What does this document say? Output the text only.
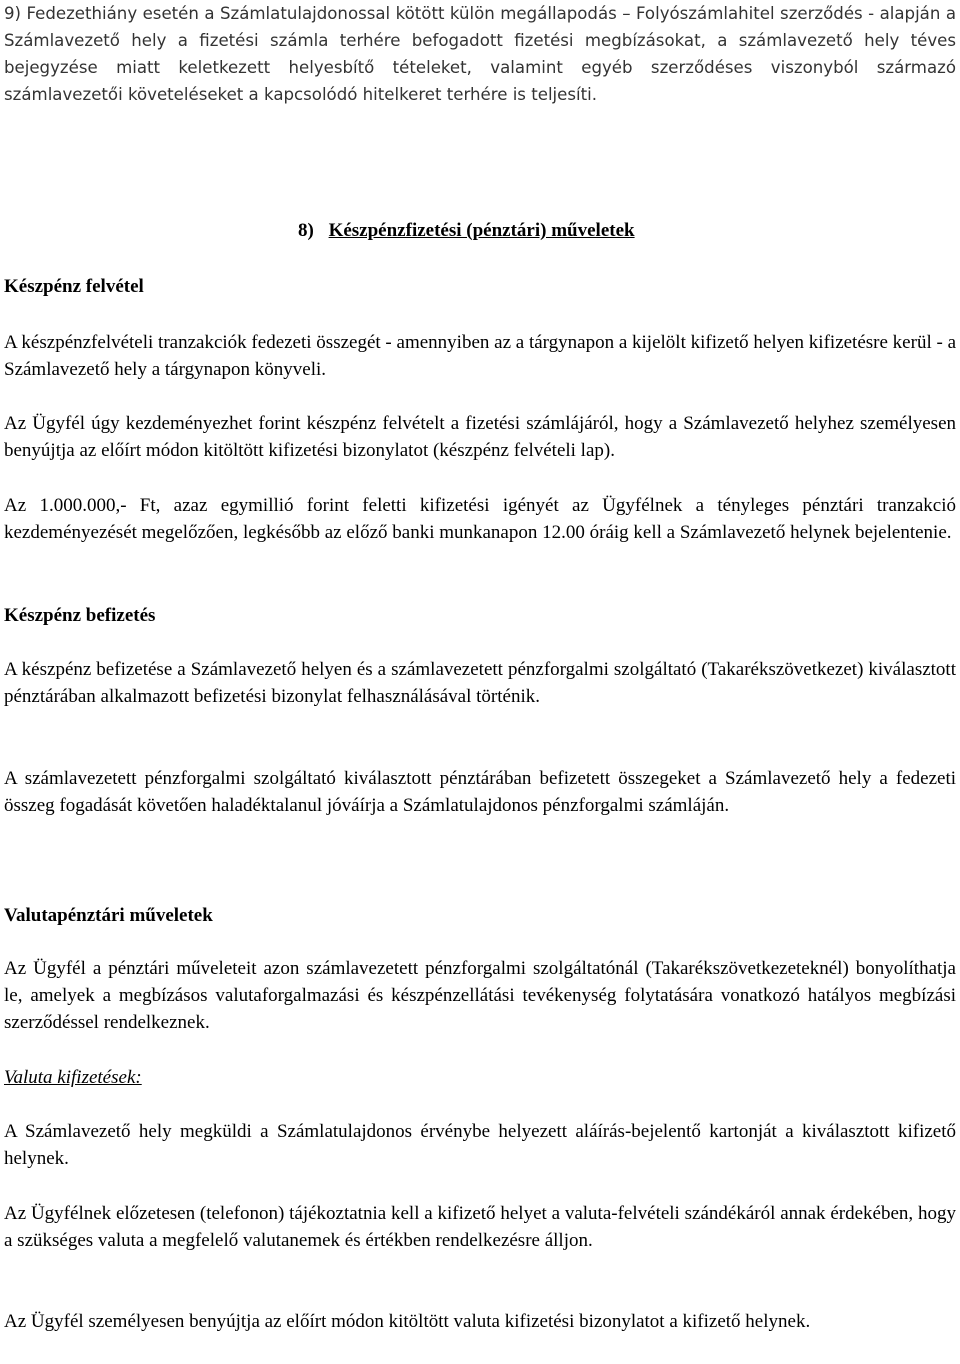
9) Fedezethiány esetén a Számlatulajdonossal kötött külön megállapodás – Folyószámlahitel szerződés - alapján a Számlavezető hely a fizetési számla terhére befogadott fizetési megbízásokat, a számlavezető hely téves bejegyzése miatt keletkezett helyesbítő tételeket, valamint egyéb szerződéses viszonyból származó számlavezetői követeléseket a kapcsolódó hitelkeret terhére is teljesíti.
8) Készpénzfizetési (pénztári) műveletek
Készpénz felvétel
A készpénzfelvételi tranzakciók fedezeti összegét - amennyiben az a tárgynapon a kijelölt kifizető helyen kifizetésre kerül - a Számlavezető hely a tárgynapon könyveli.
Az Ügyfél úgy kezdeményezhet forint készpénz felvételt a fizetési számlájáról, hogy a Számlavezető helyhez személyesen benyújtja az előírt módon kitöltött kifizetési bizonylatot (készpénz felvételi lap).
Az 1.000.000,- Ft, azaz egymillió forint feletti kifizetési igényét az Ügyfélnek a tényleges pénztári tranzakció kezdeményezését megelőzően, legkésőbb az előző banki munkanapon 12.00 óráig kell a Számlavezető helynek bejelentenie.
Készpénz befizetés
A készpénz befizetése a Számlavezető helyen és a számlavezetett pénzforgalmi szolgáltató (Takarékszövetkezet) kiválasztott pénztárában alkalmazott befizetési bizonylat felhasználásával történik.
A számlavezetett pénzforgalmi szolgáltató kiválasztott pénztárában befizetett összegeket a Számlavezető hely a fedezeti összeg fogadását követően haladéktalanul jóváírja a Számlatulajdonos pénzforgalmi számláján.
Valutapénztári műveletek
Az Ügyfél a pénztári műveleteit azon számlavezetett pénzforgalmi szolgáltatónál (Takarékszövetkezeteknél) bonyolíthatja le, amelyek a megbízásos valutaforgalmazási és készpénzellátási tevékenység folytatására vonatkozó hatályos megbízási szerződéssel rendelkeznek.
Valuta kifizetések:
A Számlavezető hely megküldi a Számlatulajdonos érvénybe helyezett aláírás-bejelentő kartonját a kiválasztott kifizető helynek.
Az Ügyfélnek előzetesen (telefonon) tájékoztatnia kell a kifizető helyet a valuta-felvételi szándékáról annak érdekében, hogy a szükséges valuta a megfelelő valutanemek és értékben rendelkezésre álljon.
Az Ügyfél személyesen benyújtja az előírt módon kitöltött valuta kifizetési bizonylatot a kifizető helynek.
